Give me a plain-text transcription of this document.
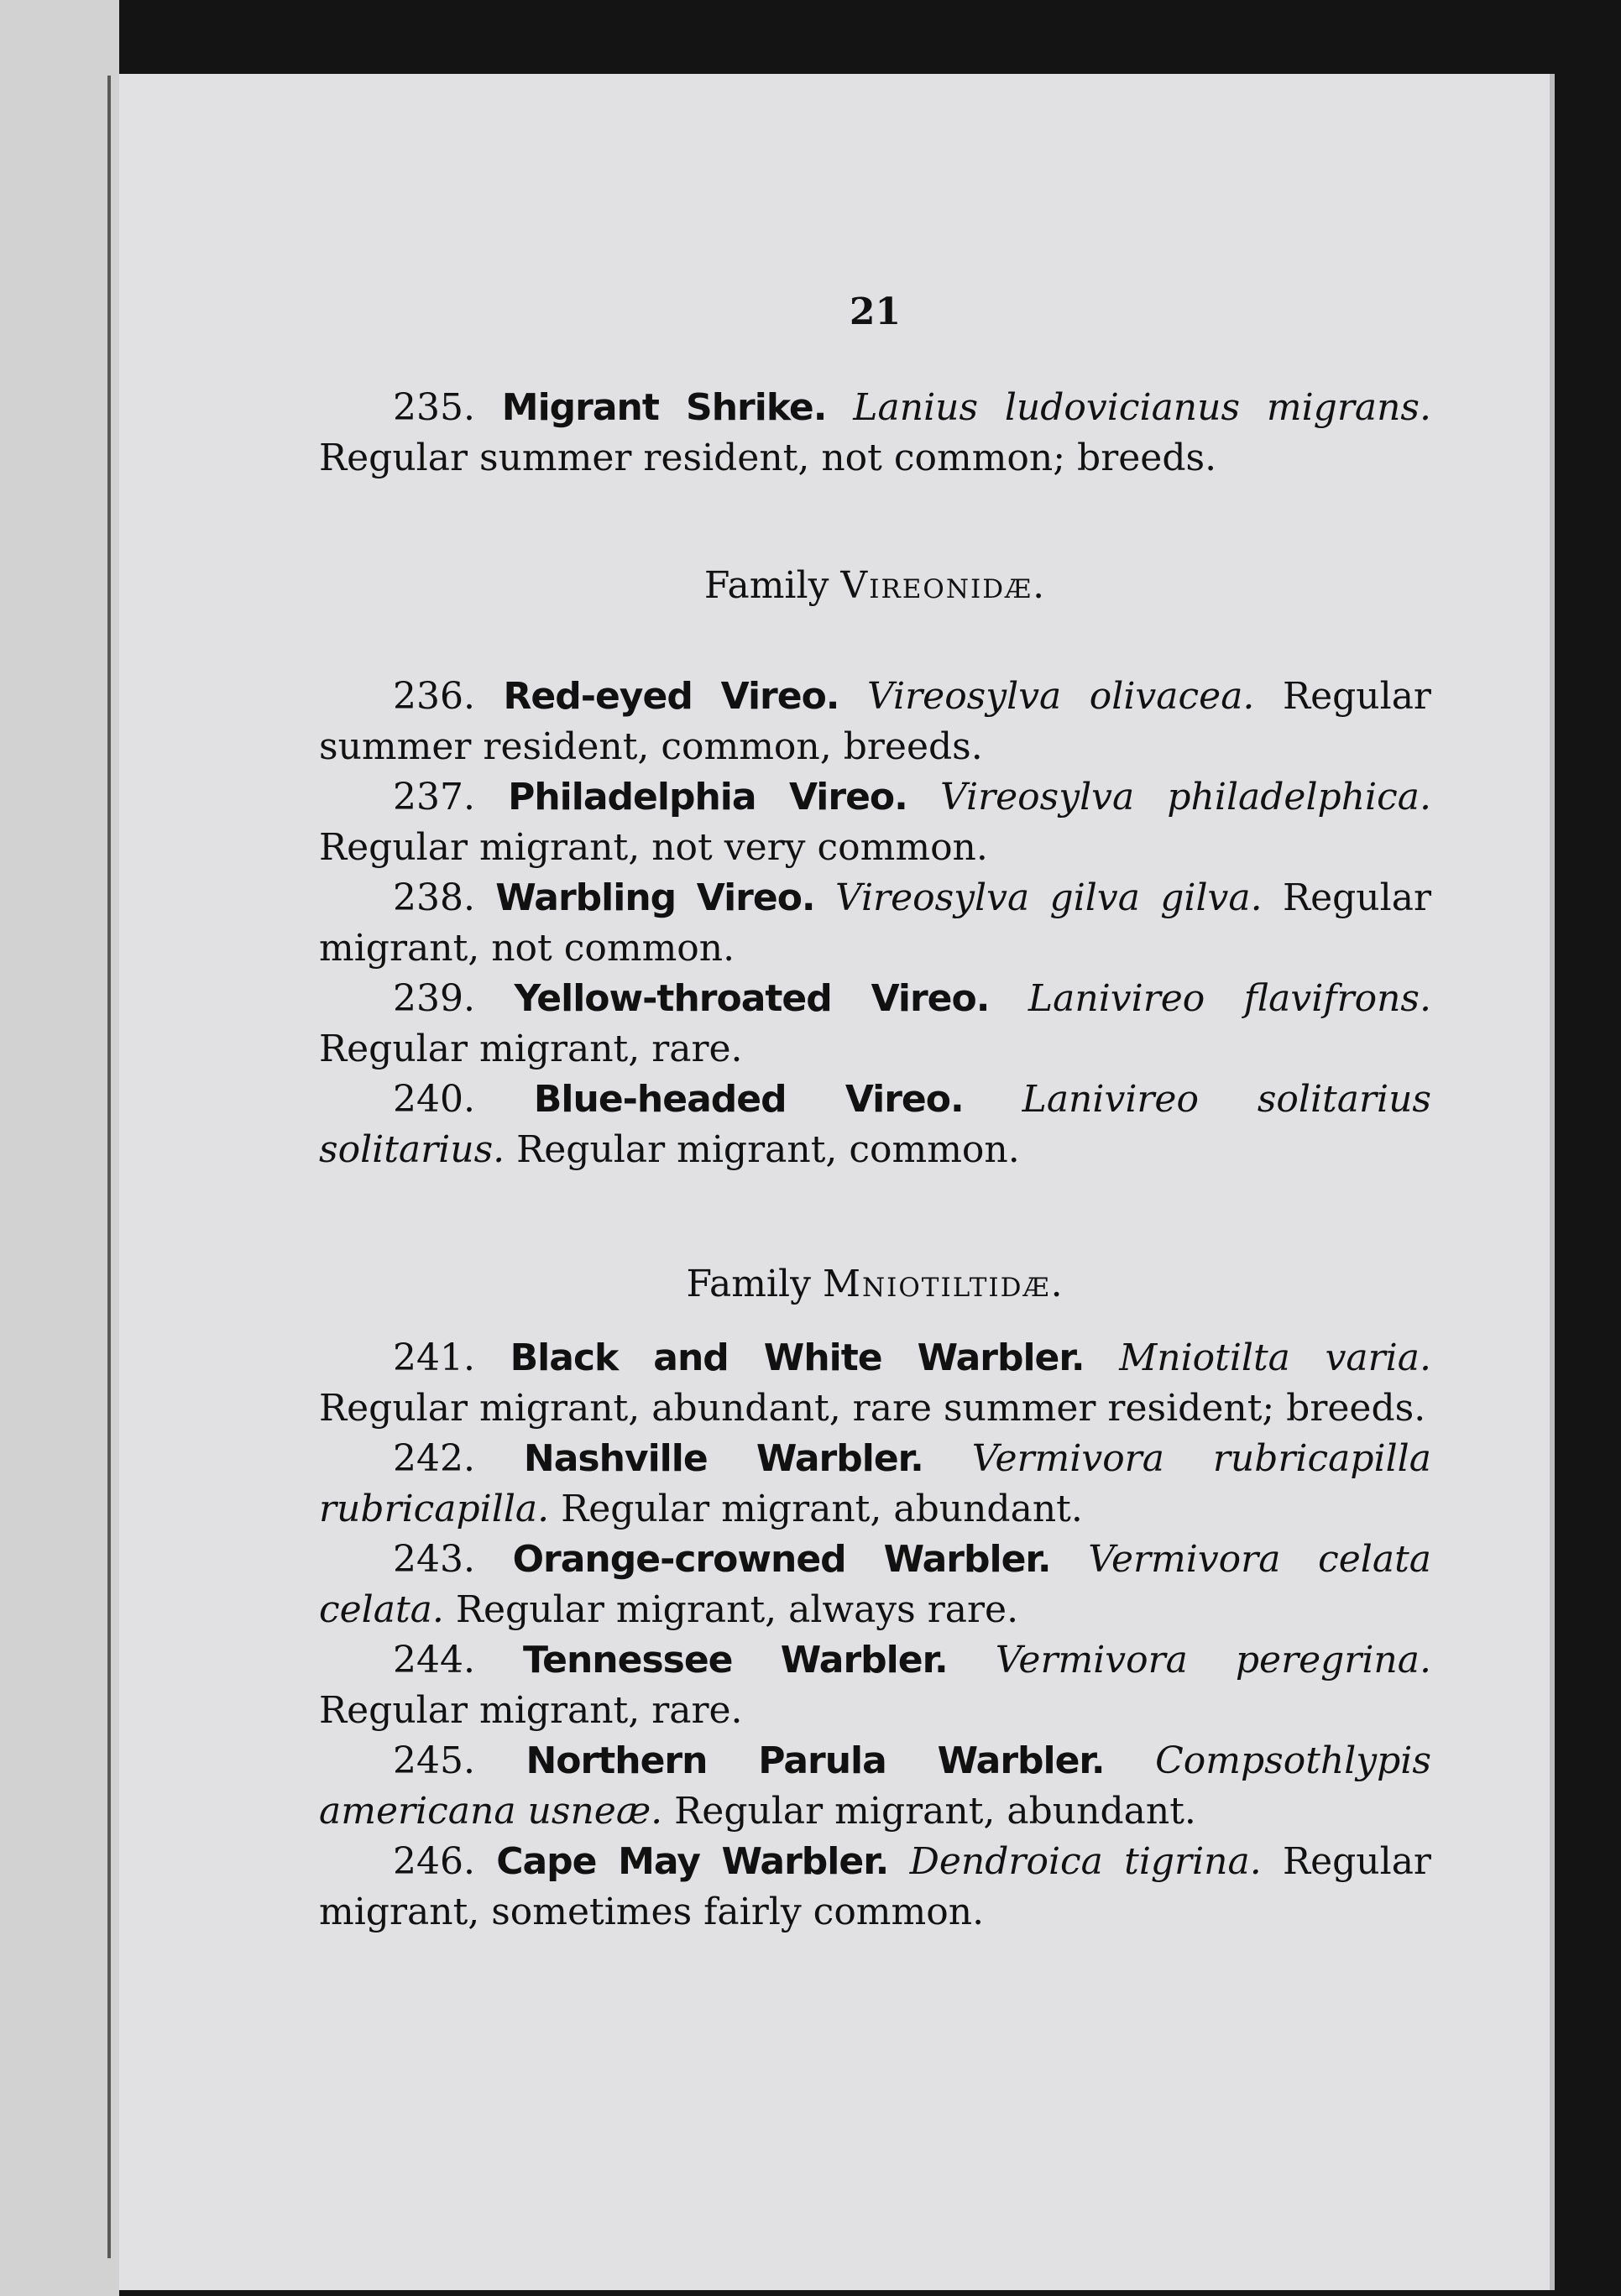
21

235. Migrant Shrike. Lanius ludovicianus migrans. Regular summer resident, not common; breeds.

Family Vireonidæ.

236. Red-eyed Vireo. Vireosylva olivacea. Regular summer resident, common, breeds.

237. Philadelphia Vireo. Vireosylva philadelphica. Regular migrant, not very common.

238. Warbling Vireo. Vireosylva gilva gilva. Regular migrant, not common.

239. Yellow-throated Vireo. Lanivireo flavifrons. Regular migrant, rare.

240. Blue-headed Vireo. Lanivireo solitarius solitarius. Regular migrant, common.

Family Mniotiltidæ.

241. Black and White Warbler. Mniotilta varia. Regular migrant, abundant, rare summer resident; breeds.

242. Nashville Warbler. Vermivora rubricapilla rubricapilla. Regular migrant, abundant.

243. Orange-crowned Warbler. Vermivora celata celata. Regular migrant, always rare.

244. Tennessee Warbler. Vermivora peregrina. Regular migrant, rare.

245. Northern Parula Warbler. Compsothlypis americana usneæ. Regular migrant, abundant.

246. Cape May Warbler. Dendroica tigrina. Regular migrant, sometimes fairly common.
